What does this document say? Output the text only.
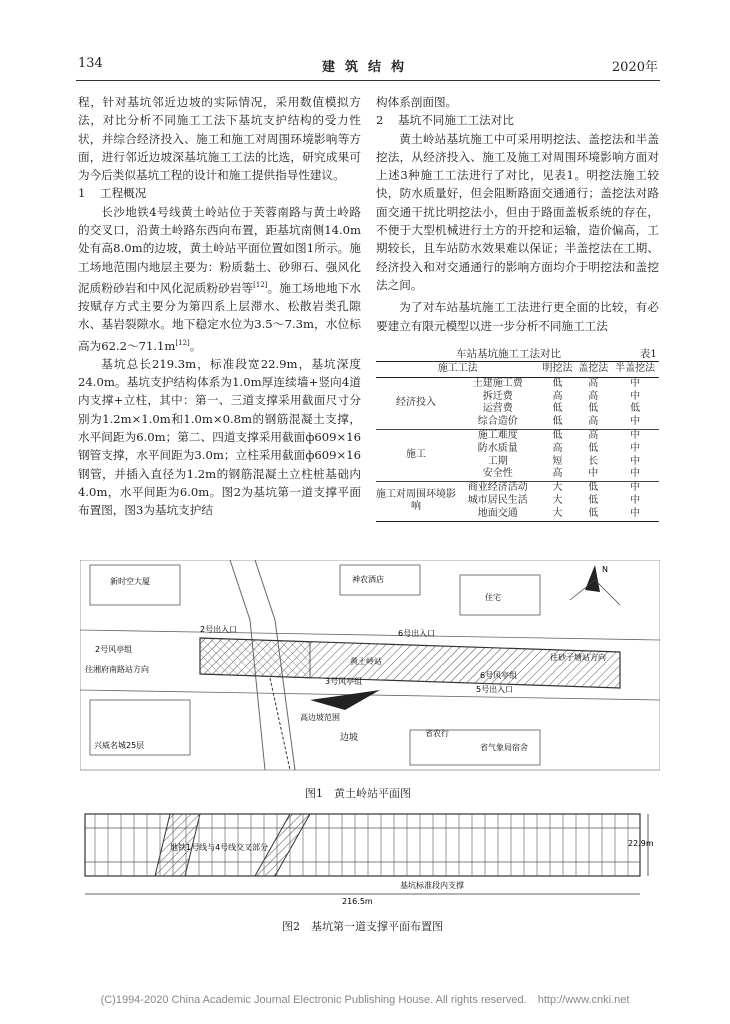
134	建筑结构	2020年

程，针对基坑邻近边坡的实际情况，采用数值模拟方法，对比分析不同施工工法下基坑支护结构的受力性状，并综合经济投入、施工和施工对周围环境影响等方面，进行邻近边坡深基坑施工工法的比选，研究成果可为今后类似基坑工程的设计和施工提供指导性建议。

1 工程概况

长沙地铁4号线黄土岭站位于芙蓉南路与黄土岭路的交叉口，沿黄土岭路东西向布置，距基坑南侧14.0m处有高8.0m的边坡，黄土岭站平面位置如图1所示。施工场地范围内地层主要为：粉质黏土、砂卵石、强风化泥质粉砂岩和中风化泥质粉砂岩等[12]。施工场地地下水按赋存方式主要分为第四系上层滞水、松散岩类孔隙水、基岩裂隙水。地下稳定水位为3.5～7.3m，水位标高为62.2～71.1m[12]。

基坑总长219.3m，标准段宽22.9m，基坑深度24.0m。基坑支护结构体系为1.0m厚连续墙+竖向4道内支撑+立柱，其中：第一、三道支撑采用截面尺寸分别为1.2m×1.0m和1.0m×0.8m的钢筋混凝土支撑，水平间距为6.0m；第二、四道支撑采用截面ф609×16钢管支撑，水平间距为3.0m；立柱采用截面ф609×16钢管，并插入直径为1.2m的钢筋混凝土立柱桩基础内4.0m，水平间距为6.0m。图2为基坑第一道支撑平面布置图，图3为基坑支护结

构体系剖面图。

2 基坑不同施工工法对比

黄土岭站基坑施工中可采用明挖法、盖挖法和半盖挖法，从经济投入、施工及施工对周围环境影响方面对上述3种施工工法进行了对比，见表1。明挖法施工较快，防水质量好，但会阻断路面交通通行；盖挖法对路面交通干扰比明挖法小，但由于路面盖板系统的存在，不便于大型机械进行土方的开挖和运输，造价偏高，工期较长，且车站防水效果难以保证；半盖挖法在工期、经济投入和对交通通行的影响方面均介于明挖法和盖挖法之间。

为了对车站基坑施工工法进行更全面的比较，有必要建立有限元模型以进一步分析不同施工工法

车站基坑施工工法对比	表1
施工工法		明挖法	盖挖法	半盖挖法
经济投入	土建施工费	低	高	中
	拆迁费	高	高	中
	运营费	低	低	低
	综合造价	低	高	中
施工	施工难度	低	高	中
	防水质量	高	低	中
	工期	短	长	中
	安全性	高	中	中
施工对周围环境影响	商业经济活动	大	低	中
	城市居民生活	大	低	中
	地面交通	大	低	中
新时空大厦	神农酒店
住宅
2号出入口	6号出入口
2号风亭组
往湘府南路站方向
往砂子塘站方向
黄土岭站
3号风亭组
6号风亭组
5号出入口
高边坡范围
边坡	省农行
省气象局宿舍
兴威名城25层
N
图1　黄土岭站平面图
地铁1号线与4号线交叉部分
基坑标准段内支撑
216.5m
22.9m
图2　基坑第一道支撑平面布置图
(C)1994-2020 China Academic Journal Electronic Publishing House. All rights reserved.　http://www.cnki.net
